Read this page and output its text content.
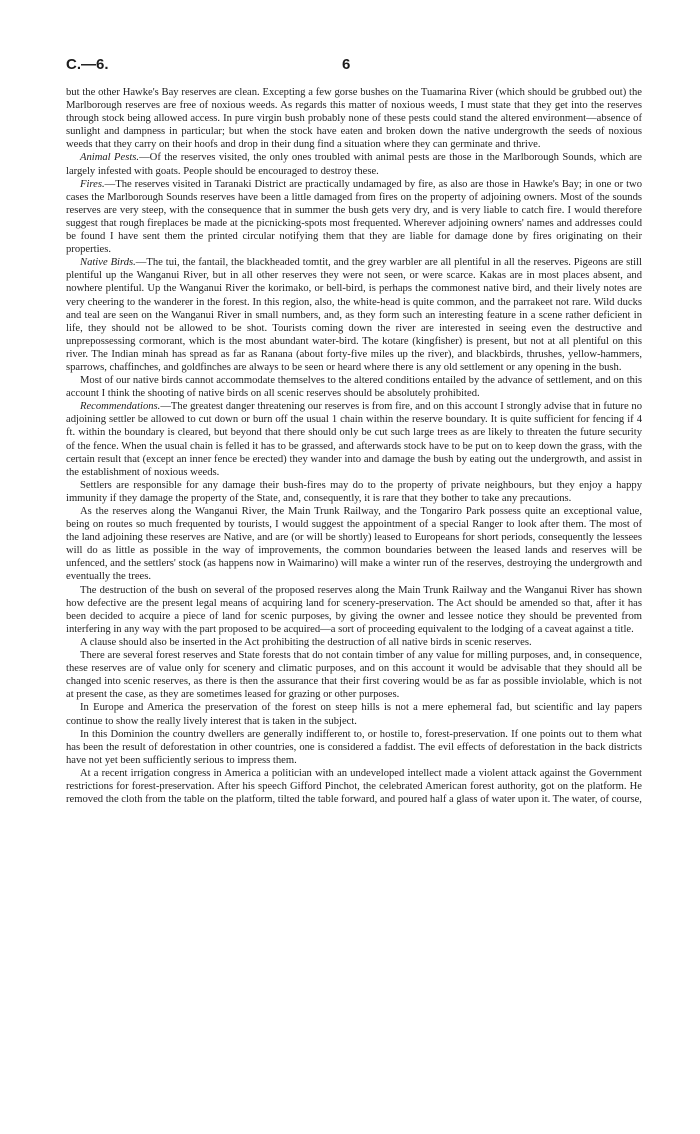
C.—6.	6

but the other Hawke's Bay reserves are clean. Excepting a few gorse bushes on the Tuamarina River (which should be grubbed out) the Marlborough reserves are free of noxious weeds. As regards this matter of noxious weeds, I must state that they get into the reserves through stock being allowed access. In pure virgin bush probably none of these pests could stand the altered environment—absence of sunlight and dampness in particular; but when the stock have eaten and broken down the native undergrowth the seeds of noxious weeds that they carry on their hoofs and drop in their dung find a situation where they can germinate and thrive.

Animal Pests.—Of the reserves visited, the only ones troubled with animal pests are those in the Marlborough Sounds, which are largely infested with goats. People should be encouraged to destroy these.

Fires.—The reserves visited in Taranaki District are practically undamaged by fire, as also are those in Hawke's Bay; in one or two cases the Marlborough Sounds reserves have been a little damaged from fires on the property of adjoining owners. Most of the sounds reserves are very steep, with the consequence that in summer the bush gets very dry, and is very liable to catch fire. I would therefore suggest that rough fireplaces be made at the picnicking-spots most frequented. Wherever adjoining owners' names and addresses could be found I have sent them the printed circular notifying them that they are liable for damage done by fires originating on their properties.

Native Birds.—The tui, the fantail, the blackheaded tomtit, and the grey warbler are all plentiful in all the reserves. Pigeons are still plentiful up the Wanganui River, but in all other reserves they were not seen, or were scarce. Kakas are in most places absent, and nowhere plentiful. Up the Wanganui River the korimako, or bell-bird, is perhaps the commonest native bird, and their lively notes are very cheering to the wanderer in the forest. In this region, also, the white-head is quite common, and the parrakeet not rare. Wild ducks and teal are seen on the Wanganui River in small numbers, and, as they form such an interesting feature in a scene rather deficient in life, they should not be allowed to be shot. Tourists coming down the river are interested in seeing even the destructive and unprepossessing cormorant, which is the most abundant water-bird. The kotare (kingfisher) is present, but not at all plentiful on this river. The Indian minah has spread as far as Ranana (about forty-five miles up the river), and blackbirds, thrushes, yellow-hammers, sparrows, chaffinches, and goldfinches are always to be seen or heard where there is any old settlement or any opening in the bush.

Most of our native birds cannot accommodate themselves to the altered conditions entailed by the advance of settlement, and on this account I think the shooting of native birds on all scenic reserves should be absolutely prohibited.

Recommendations.—The greatest danger threatening our reserves is from fire, and on this account I strongly advise that in future no adjoining settler be allowed to cut down or burn off the usual 1 chain within the reserve boundary. It is quite sufficient for fencing if 4 ft. within the boundary is cleared, but beyond that there should only be cut such large trees as are likely to threaten the future security of the fence. When the usual chain is felled it has to be grassed, and afterwards stock have to be put on to keep down the grass, with the certain result that (except an inner fence be erected) they wander into and damage the bush by eating out the undergrowth, and assist in the establishment of noxious weeds.

Settlers are responsible for any damage their bush-fires may do to the property of private neighbours, but they enjoy a happy immunity if they damage the property of the State, and, consequently, it is rare that they bother to take any precautions.

As the reserves along the Wanganui River, the Main Trunk Railway, and the Tongariro Park possess quite an exceptional value, being on routes so much frequented by tourists, I would suggest the appointment of a special Ranger to look after them. The most of the land adjoining these reserves are Native, and are (or will be shortly) leased to Europeans for short periods, consequently the lessees will do as little as possible in the way of improvements, the common boundaries between the leased lands and reserves will be unfenced, and the settlers' stock (as happens now in Waimarino) will make a winter run of the reserves, destroying the undergrowth and eventually the trees.

The destruction of the bush on several of the proposed reserves along the Main Trunk Railway and the Wanganui River has shown how defective are the present legal means of acquiring land for scenery-preservation. The Act should be amended so that, after it has been decided to acquire a piece of land for scenic purposes, by giving the owner and lessee notice they should be prevented from interfering in any way with the part proposed to be acquired—a sort of proceeding equivalent to the lodging of a caveat against a title.

A clause should also be inserted in the Act prohibiting the destruction of all native birds in scenic reserves.

There are several forest reserves and State forests that do not contain timber of any value for milling purposes, and, in consequence, these reserves are of value only for scenery and climatic purposes, and on this account it would be advisable that they should all be changed into scenic reserves, as there is then the assurance that their first covering would be as far as possible inviolable, which is not at present the case, as they are sometimes leased for grazing or other purposes.

In Europe and America the preservation of the forest on steep hills is not a mere ephemeral fad, but scientific and lay papers continue to show the really lively interest that is taken in the subject.

In this Dominion the country dwellers are generally indifferent to, or hostile to, forest-preservation. If one points out to them what has been the result of deforestation in other countries, one is considered a faddist. The evil effects of deforestation in the back districts have not yet been sufficiently serious to impress them.

At a recent irrigation congress in America a politician with an undeveloped intellect made a violent attack against the Government restrictions for forest-preservation. After his speech Gifford Pinchot, the celebrated American forest authority, got on the platform. He removed the cloth from the table on the platform, tilted the table forward, and poured half a glass of water upon it. The water, of course,
